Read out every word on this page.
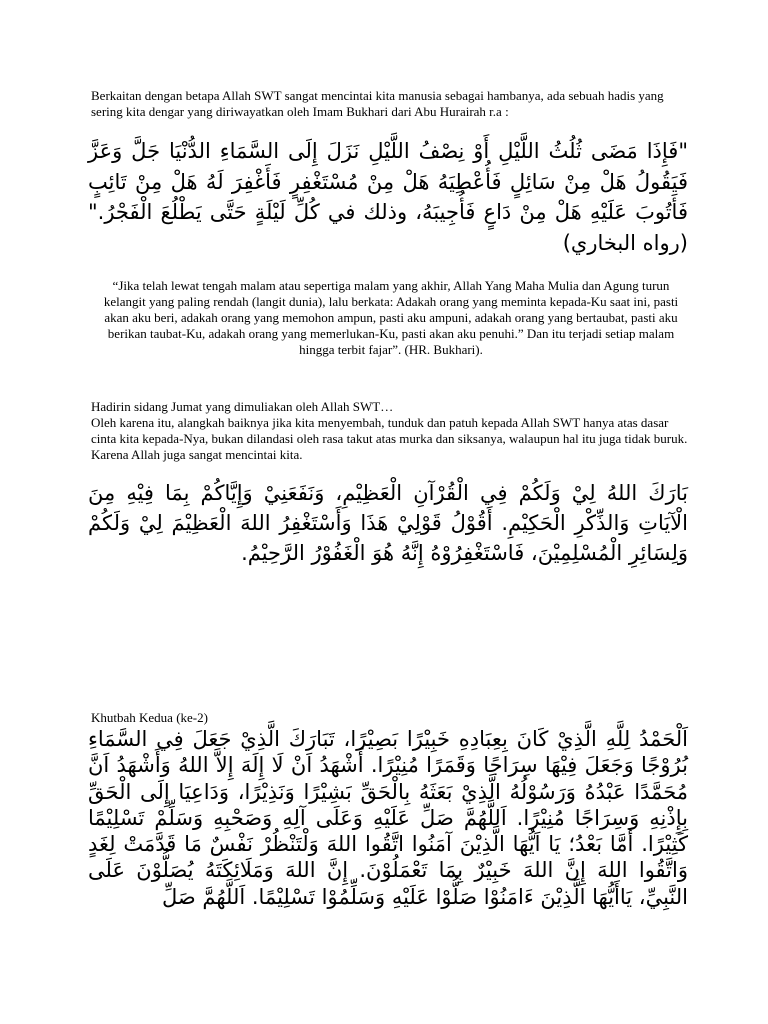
Berkaitan dengan betapa Allah SWT sangat mencintai kita manusia sebagai hambanya, ada sebuah hadis yang sering kita dengar yang diriwayatkan oleh Imam Bukhari dari Abu Hurairah r.a :

"فَإِذَا مَضَى ثُلُثُ اللَّيْلِ أَوْ نِصْفُ اللَّيْلِ نَزَلَ إِلَى السَّمَاءِ الدُّنْيَا جَلَّ وَعَزَّ فَيَقُولُ هَلْ مِنْ سَائِلٍ فَأُعْطِيَهُ هَلْ مِنْ مُسْتَغْفِرٍ فَأَغْفِرَ لَهُ هَلْ مِنْ تَائِبٍ فَأَتُوبَ عَلَيْهِ هَلْ مِنْ دَاعٍ فَأُجِيبَهُ، وذلك في كُلِّ لَيْلَةٍ حَتَّى يَطْلُعَ الْفَجْرُ." (رواه البخاري)

“Jika telah lewat tengah malam atau sepertiga malam yang akhir, Allah Yang Maha Mulia dan Agung turun kelangit yang paling rendah (langit dunia), lalu berkata: Adakah orang yang meminta kepada-Ku saat ini, pasti akan aku beri, adakah orang yang memohon ampun, pasti aku ampuni, adakah orang yang bertaubat, pasti aku berikan taubat-Ku, adakah orang yang memerlukan-Ku, pasti akan aku penuhi.” Dan itu terjadi setiap malam hingga terbit fajar”. (HR. Bukhari).

Hadirin sidang Jumat yang dimuliakan oleh Allah SWT…

Oleh karena itu, alangkah baiknya jika kita menyembah, tunduk dan patuh kepada Allah SWT hanya atas dasar cinta kita kepada-Nya, bukan dilandasi oleh rasa takut atas murka dan siksanya, walaupun hal itu juga tidak buruk. Karena Allah juga sangat mencintai kita.

بَارَكَ اللهُ لِيْ وَلَكُمْ فِي الْقُرْآنِ الْعَظِيْمِ، وَنَفَعَنِيْ وَإِيَّاكُمْ بِمَا فِيْهِ مِنَ الْآيَاتِ وَالذِّكْرِ الْحَكِيْمِ. أَقُوْلُ قَوْلِيْ هَذَا وَأَسْتَغْفِرُ اللهَ الْعَظِيْمَ لِيْ وَلَكُمْ وَلِسَائِرِ الْمُسْلِمِيْنَ، فَاسْتَغْفِرُوْهُ إِنَّهُ هُوَ الْغَفُوْرُ الرَّحِيْمُ.

Khutbah Kedua (ke-2)

اَلْحَمْدُ لِلَّهِ الَّذِيْ كَانَ بِعِبَادِهِ خَبِيْرًا بَصِيْرًا، تَبَارَكَ الَّذِيْ جَعَلَ فِي السَّمَاءِ بُرُوْجًا وَجَعَلَ فِيْهَا سِرَاجًا وَقَمَرًا مُنِيْرًا. أَشْهَدُ اَنْ لَا إِلَهَ إِلاَّ اللهُ وَأَشْهَدُ اَنَّ مُحَمَّدًا عَبْدُهُ وَرَسُوْلُهُ الَّذِيْ بَعَثَهُ بِالْحَقِّ بَشِيْرًا وَنَذِيْرًا، وَدَاعِيَا إِلَى الْحَقِّ بِإِذْنِهِ وَسِرَاجًا مُنِيْرًا. اَللَّهُمَّ صَلِّ عَلَيْهِ وَعَلَى آلِهِ وَصَحْبِهِ وَسَلِّمْ تَسْلِيْمًا كَثِيْرًا. أَمَّا بَعْدُ؛ يَا اَيُّهَا الَّذِيْنَ آمَنُوا اتَّقُوا اللهَ وَلْتَنْظُرْ نَفْسٌ مَا قَدَّمَتْ لِغَدٍ وَاتَّقُوا اللهَ إِنَّ اللهَ خَبِيْرٌ بِمَا تَعْمَلُوْنَ. إِنَّ اللهَ وَمَلَائِكَتَهُ يُصَلُّوْنَ عَلَى النَّبِيِّ، يَاأَيُّهَا الَّذِيْنَ ءَامَنُوْا صَلُّوْا عَلَيْهِ وَسَلِّمُوْا تَسْلِيْمًا. اَللَّهُمَّ صَلِّ
